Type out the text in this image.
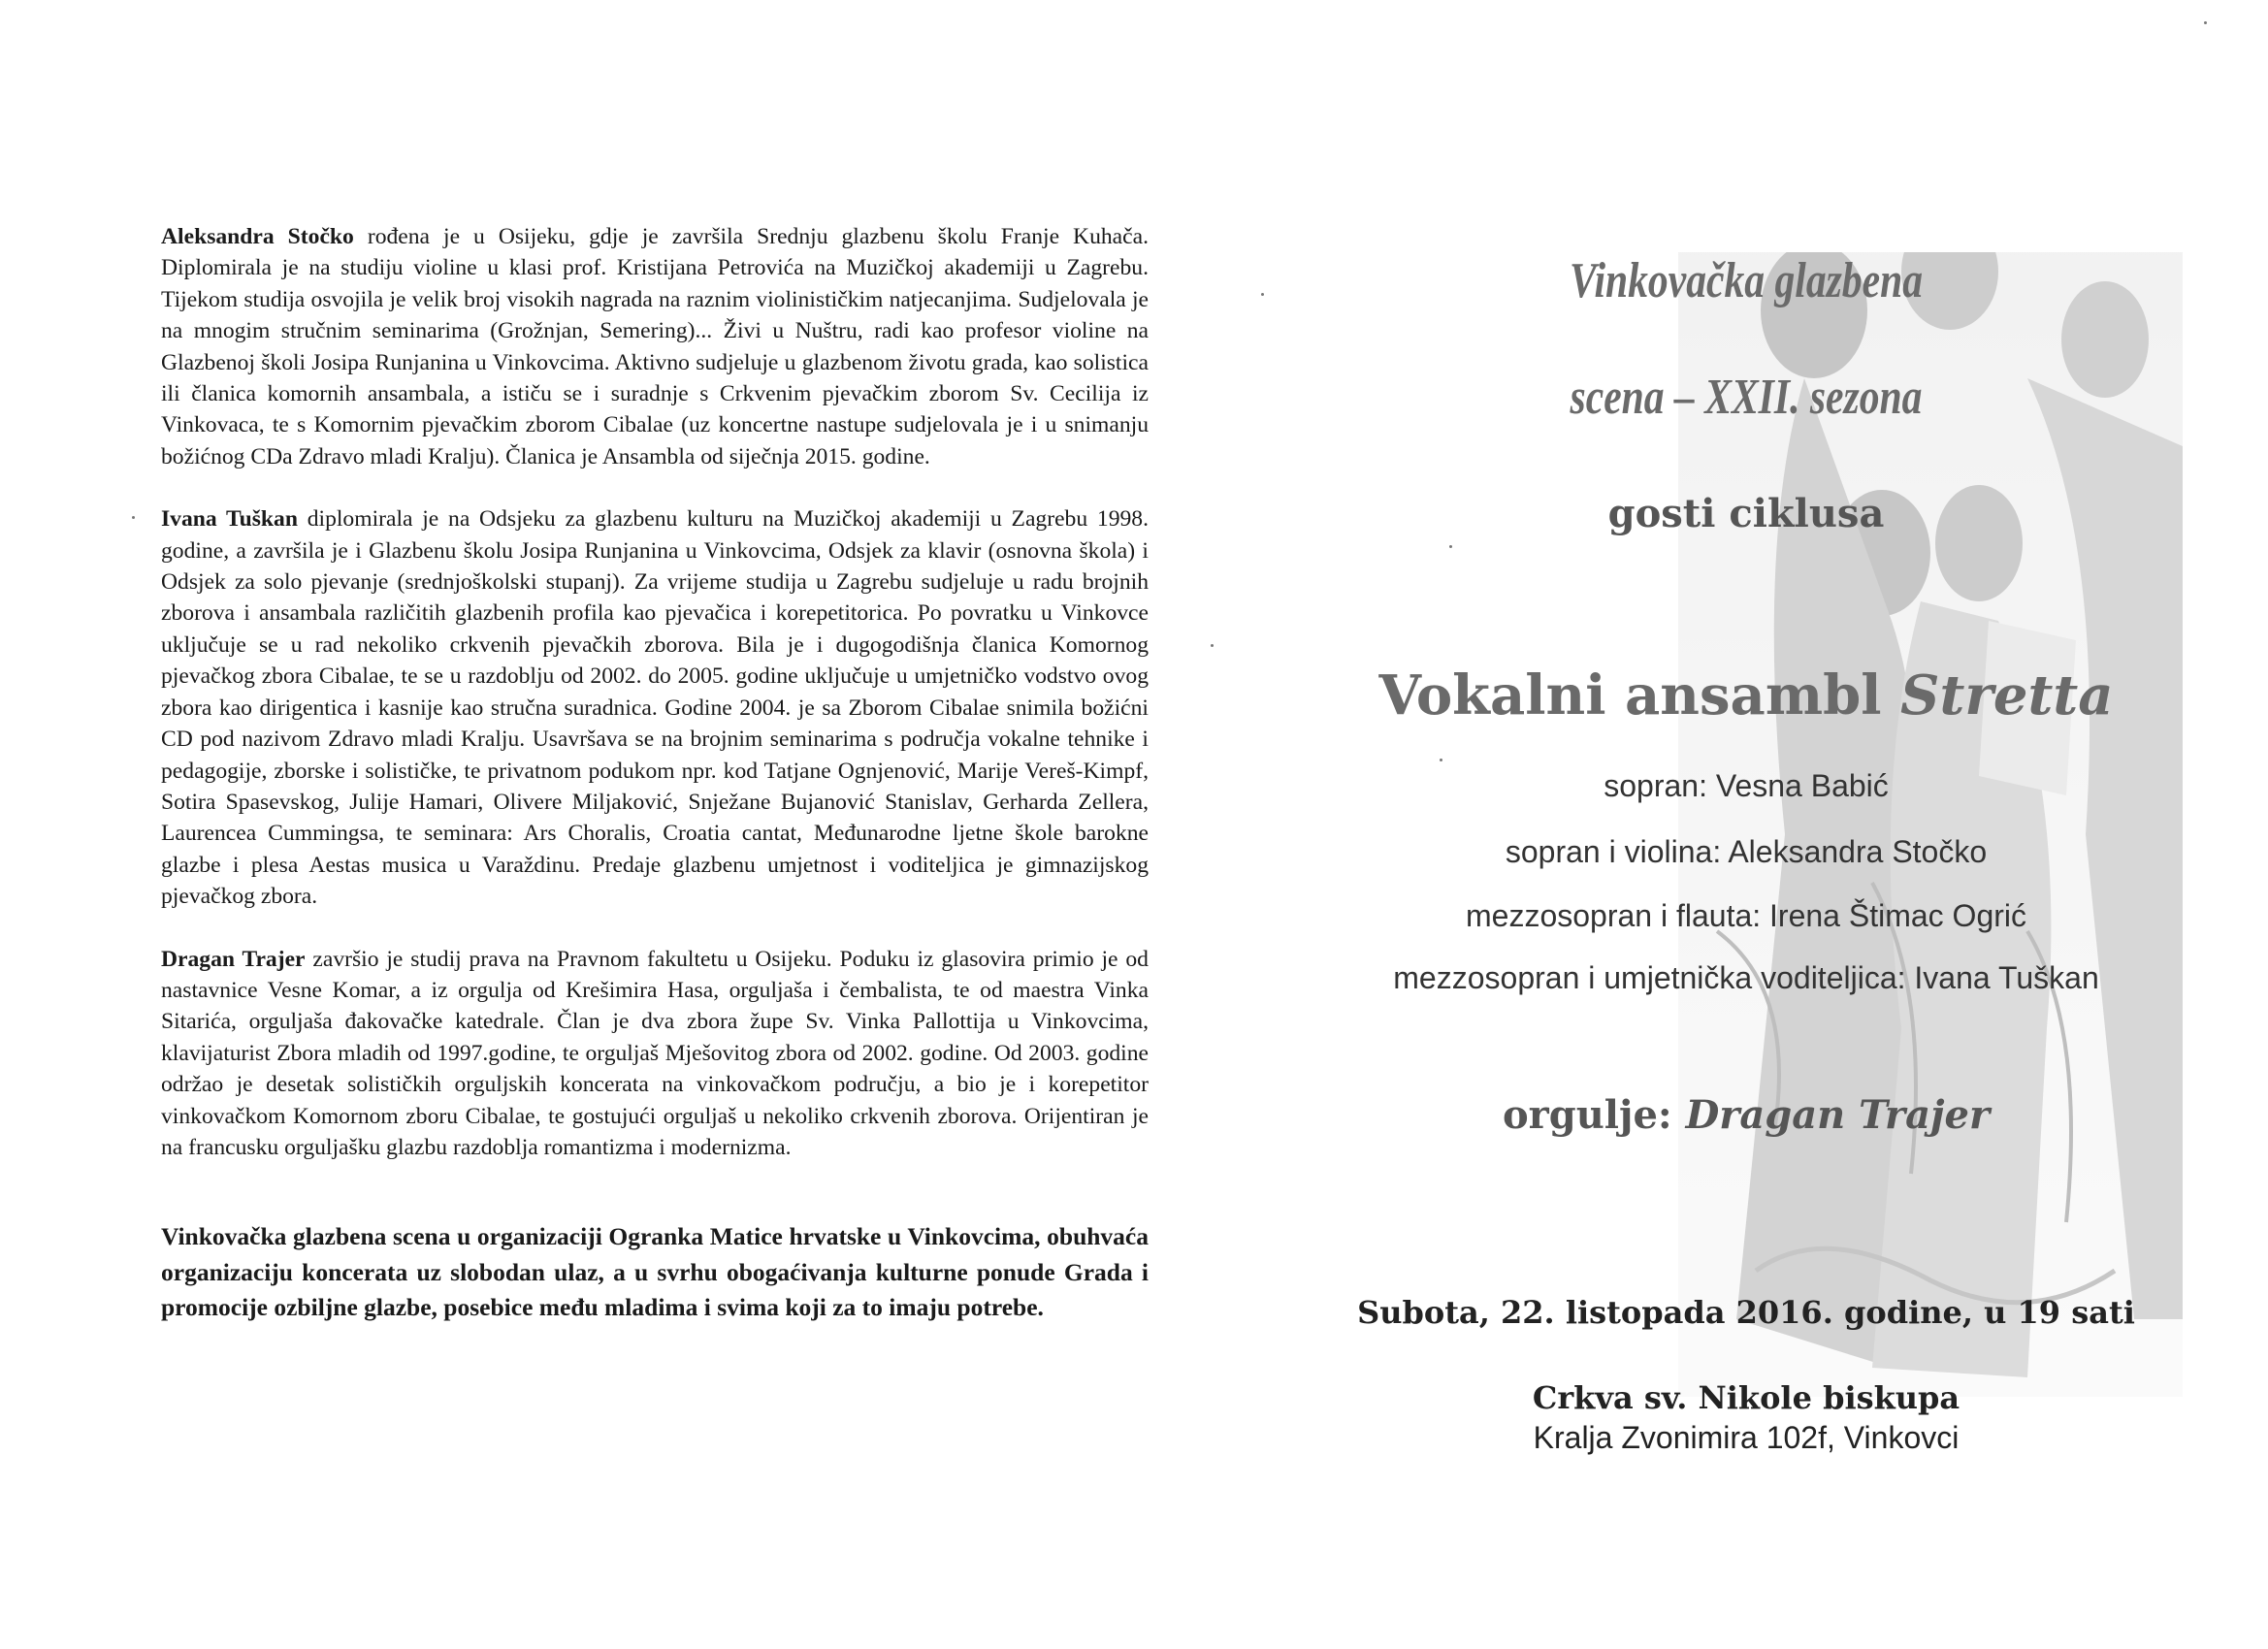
Aleksandra Stočko rođena je u Osijeku, gdje je završila Srednju glazbenu školu Franje Kuhača. Diplomirala je na studiju violine u klasi prof. Kristijana Petrovića na Muzičkoj akademiji u Zagrebu. Tijekom studija osvojila je velik broj visokih nagrada na raznim violinističkim natjecanjima. Sudjelovala je na mnogim stručnim seminarima (Grožnjan, Semering)... Živi u Nuštru, radi kao profesor violine na Glazbenoj školi Josipa Runjanina u Vinkovcima. Aktivno sudjeluje u glazbenom životu grada, kao solistica ili članica komornih ansambala, a ističu se i suradnje s Crkvenim pjevačkim zborom Sv. Cecilija iz Vinkovaca, te s Komornim pjevačkim zborom Cibalae (uz koncertne nastupe sudjelovala je i u snimanju božićnog CDa Zdravo mladi Kralju). Članica je Ansambla od siječnja 2015. godine.

Ivana Tuškan diplomirala je na Odsjeku za glazbenu kulturu na Muzičkoj akademiji u Zagrebu 1998. godine, a završila je i Glazbenu školu Josipa Runjanina u Vinkovcima, Odsjek za klavir (osnovna škola) i Odsjek za solo pjevanje (srednjoškolski stupanj). Za vrijeme studija u Zagrebu sudjeluje u radu brojnih zborova i ansambala različitih glazbenih profila kao pjevačica i korepetitorica. Po povratku u Vinkovce uključuje se u rad nekoliko crkvenih pjevačkih zborova. Bila je i dugogodišnja članica Komornog pjevačkog zbora Cibalae, te se u razdoblju od 2002. do 2005. godine uključuje u umjetničko vodstvo ovog zbora kao dirigentica i kasnije kao stručna suradnica. Godine 2004. je sa Zborom Cibalae snimila božićni CD pod nazivom Zdravo mladi Kralju. Usavršava se na brojnim seminarima s područja vokalne tehnike i pedagogije, zborske i solističke, te privatnom podukom npr. kod Tatjane Ognjenović, Marije Vereš-Kimpf, Sotira Spasevskog, Julije Hamari, Olivere Miljaković, Snježane Bujanović Stanislav, Gerharda Zellera, Laurencea Cummingsa, te seminara: Ars Choralis, Croatia cantat, Međunarodne ljetne škole barokne glazbe i plesa Aestas musica u Varaždinu. Predaje glazbenu umjetnost i voditeljica je gimnazijskog pjevačkog zbora.

Dragan Trajer završio je studij prava na Pravnom fakultetu u Osijeku. Poduku iz glasovira primio je od nastavnice Vesne Komar, a iz orgulja od Krešimira Hasa, orguljaša i čembalista, te od maestra Vinka Sitarića, orguljaša đakovačke katedrale. Član je dva zbora župe Sv. Vinka Pallottija u Vinkovcima, klavijaturist Zbora mladih od 1997.godine, te orguljaš Mješovitog zbora od 2002. godine. Od 2003. godine održao je desetak solističkih orguljskih koncerata na vinkovačkom području, a bio je i korepetitor vinkovačkom Komornom zboru Cibalae, te gostujući orguljaš u nekoliko crkvenih zborova. Orijentiran je na francusku orguljašku glazbu razdoblja romantizma i modernizma.

Vinkovačka glazbena scena u organizaciji Ogranka Matice hrvatske u Vinkovcima, obuhvaća organizaciju koncerata uz slobodan ulaz, a u svrhu obogaćivanja kulturne ponude Grada i promocije ozbiljne glazbe, posebice među mladima i svima koji za to imaju potrebe.

Vinkovačka glazbena
scena – XXII. sezona
gosti ciklusa
Vokalni ansambl Stretta
sopran: Vesna Babić
sopran i violina: Aleksandra Stočko
mezzosopran i flauta: Irena Štimac Ogrić
mezzosopran i umjetnička voditeljica: Ivana Tuškan
orgulje: Dragan Trajer
Subota, 22. listopada 2016. godine, u 19 sati
Crkva sv. Nikole biskupa
Kralja Zvonimira 102f, Vinkovci
